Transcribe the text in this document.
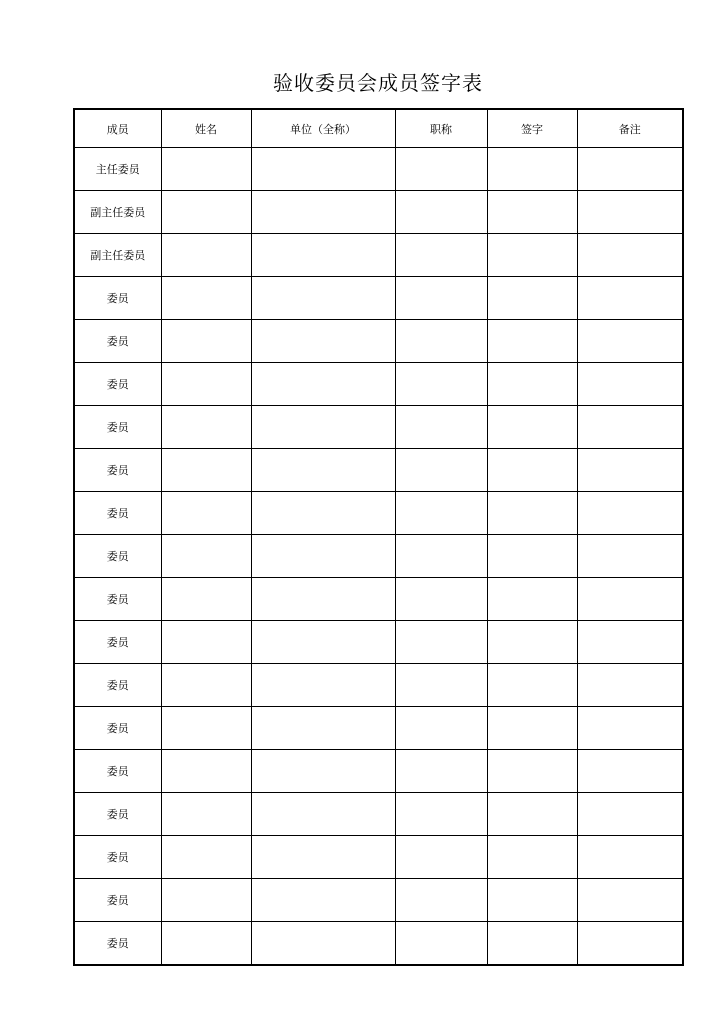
验收委员会成员签字表
成员	姓名	单位（全称）	职称	签字	备注
主任委员					
副主任委员					
副主任委员					
委员					
委员					
委员					
委员					
委员					
委员					
委员					
委员					
委员					
委员					
委员					
委员					
委员					
委员					
委员					
委员					
